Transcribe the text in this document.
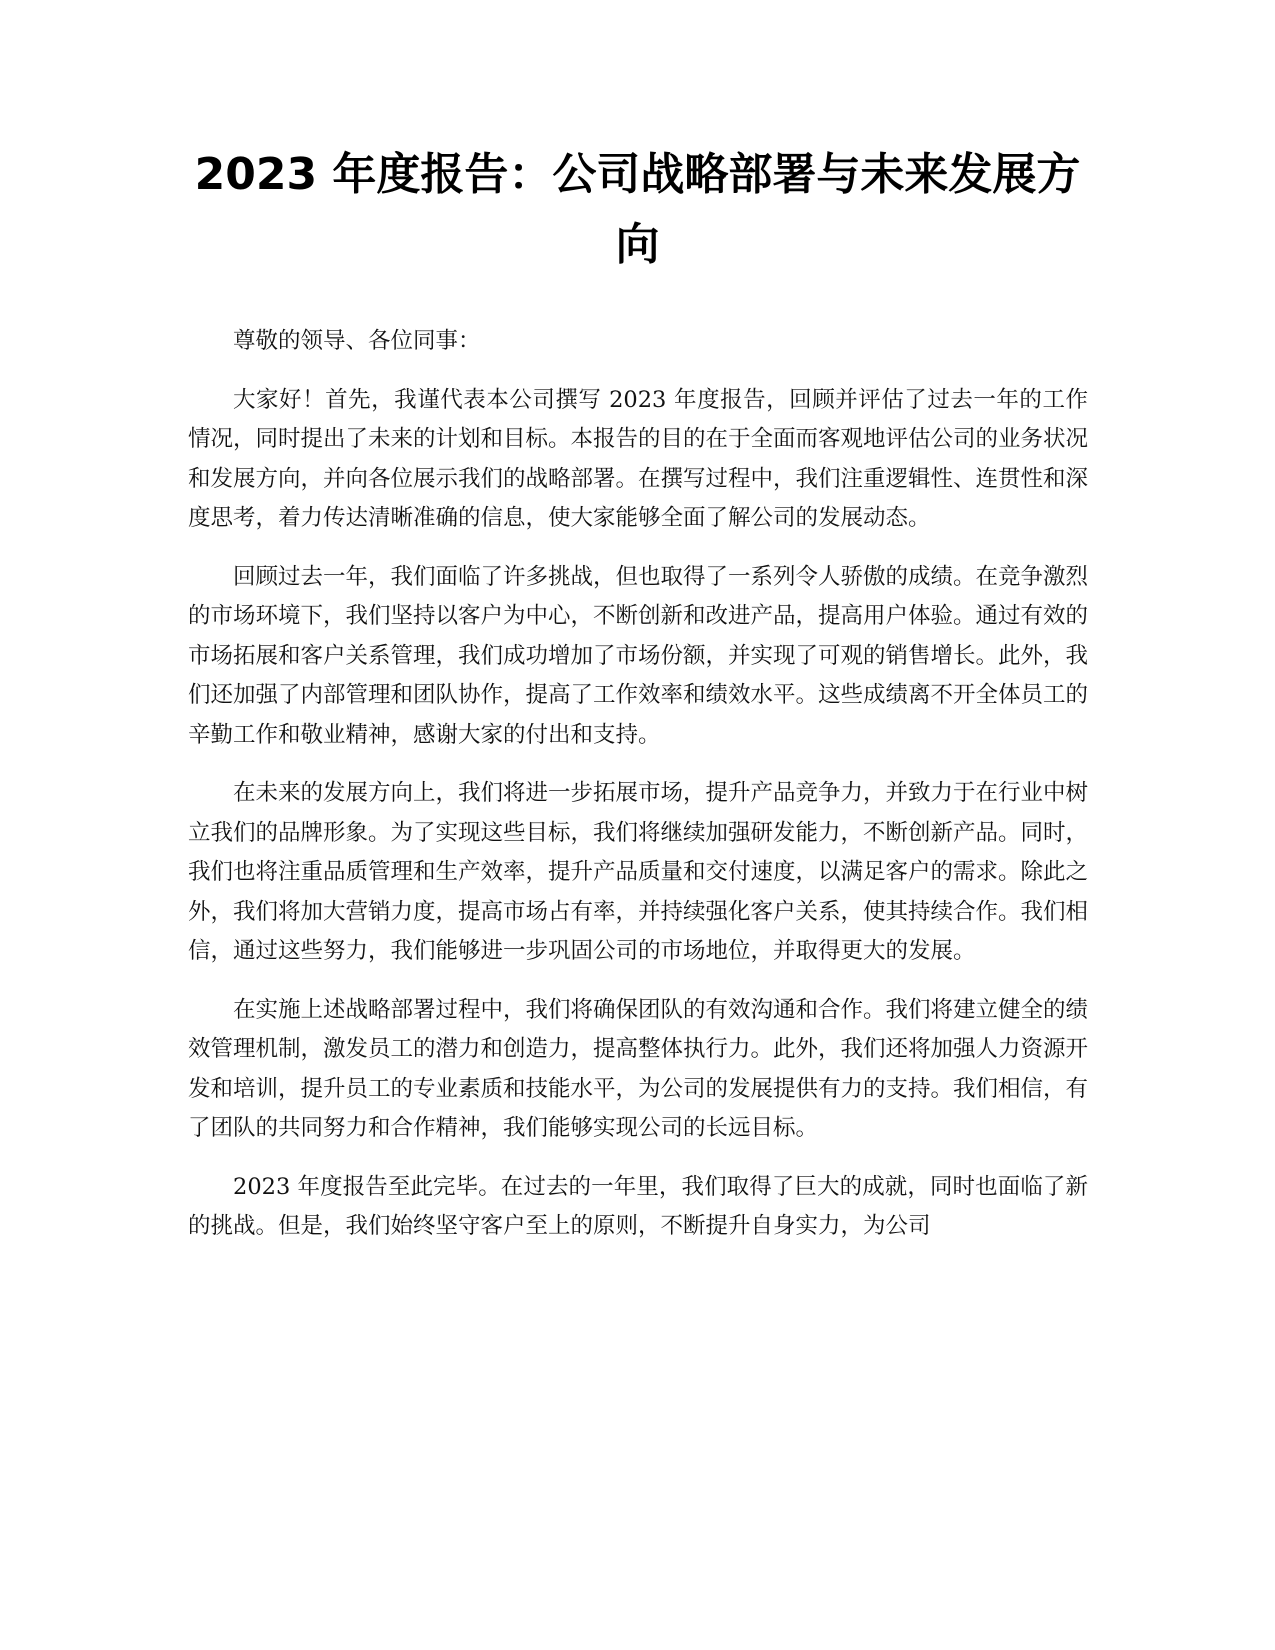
2023 年度报告：公司战略部署与未来发展方向

尊敬的领导、各位同事：

大家好！首先，我谨代表本公司撰写 2023 年度报告，回顾并评估了过去一年的工作情况，同时提出了未来的计划和目标。本报告的目的在于全面而客观地评估公司的业务状况和发展方向，并向各位展示我们的战略部署。在撰写过程中，我们注重逻辑性、连贯性和深度思考，着力传达清晰准确的信息，使大家能够全面了解公司的发展动态。

回顾过去一年，我们面临了许多挑战，但也取得了一系列令人骄傲的成绩。在竞争激烈的市场环境下，我们坚持以客户为中心，不断创新和改进产品，提高用户体验。通过有效的市场拓展和客户关系管理，我们成功增加了市场份额，并实现了可观的销售增长。此外，我们还加强了内部管理和团队协作，提高了工作效率和绩效水平。这些成绩离不开全体员工的辛勤工作和敬业精神，感谢大家的付出和支持。

在未来的发展方向上，我们将进一步拓展市场，提升产品竞争力，并致力于在行业中树立我们的品牌形象。为了实现这些目标，我们将继续加强研发能力，不断创新产品。同时，我们也将注重品质管理和生产效率，提升产品质量和交付速度，以满足客户的需求。除此之外，我们将加大营销力度，提高市场占有率，并持续强化客户关系，使其持续合作。我们相信，通过这些努力，我们能够进一步巩固公司的市场地位，并取得更大的发展。

在实施上述战略部署过程中，我们将确保团队的有效沟通和合作。我们将建立健全的绩效管理机制，激发员工的潜力和创造力，提高整体执行力。此外，我们还将加强人力资源开发和培训，提升员工的专业素质和技能水平，为公司的发展提供有力的支持。我们相信，有了团队的共同努力和合作精神，我们能够实现公司的长远目标。

2023 年度报告至此完毕。在过去的一年里，我们取得了巨大的成就，同时也面临了新的挑战。但是，我们始终坚守客户至上的原则，不断提升自身实力，为公司
